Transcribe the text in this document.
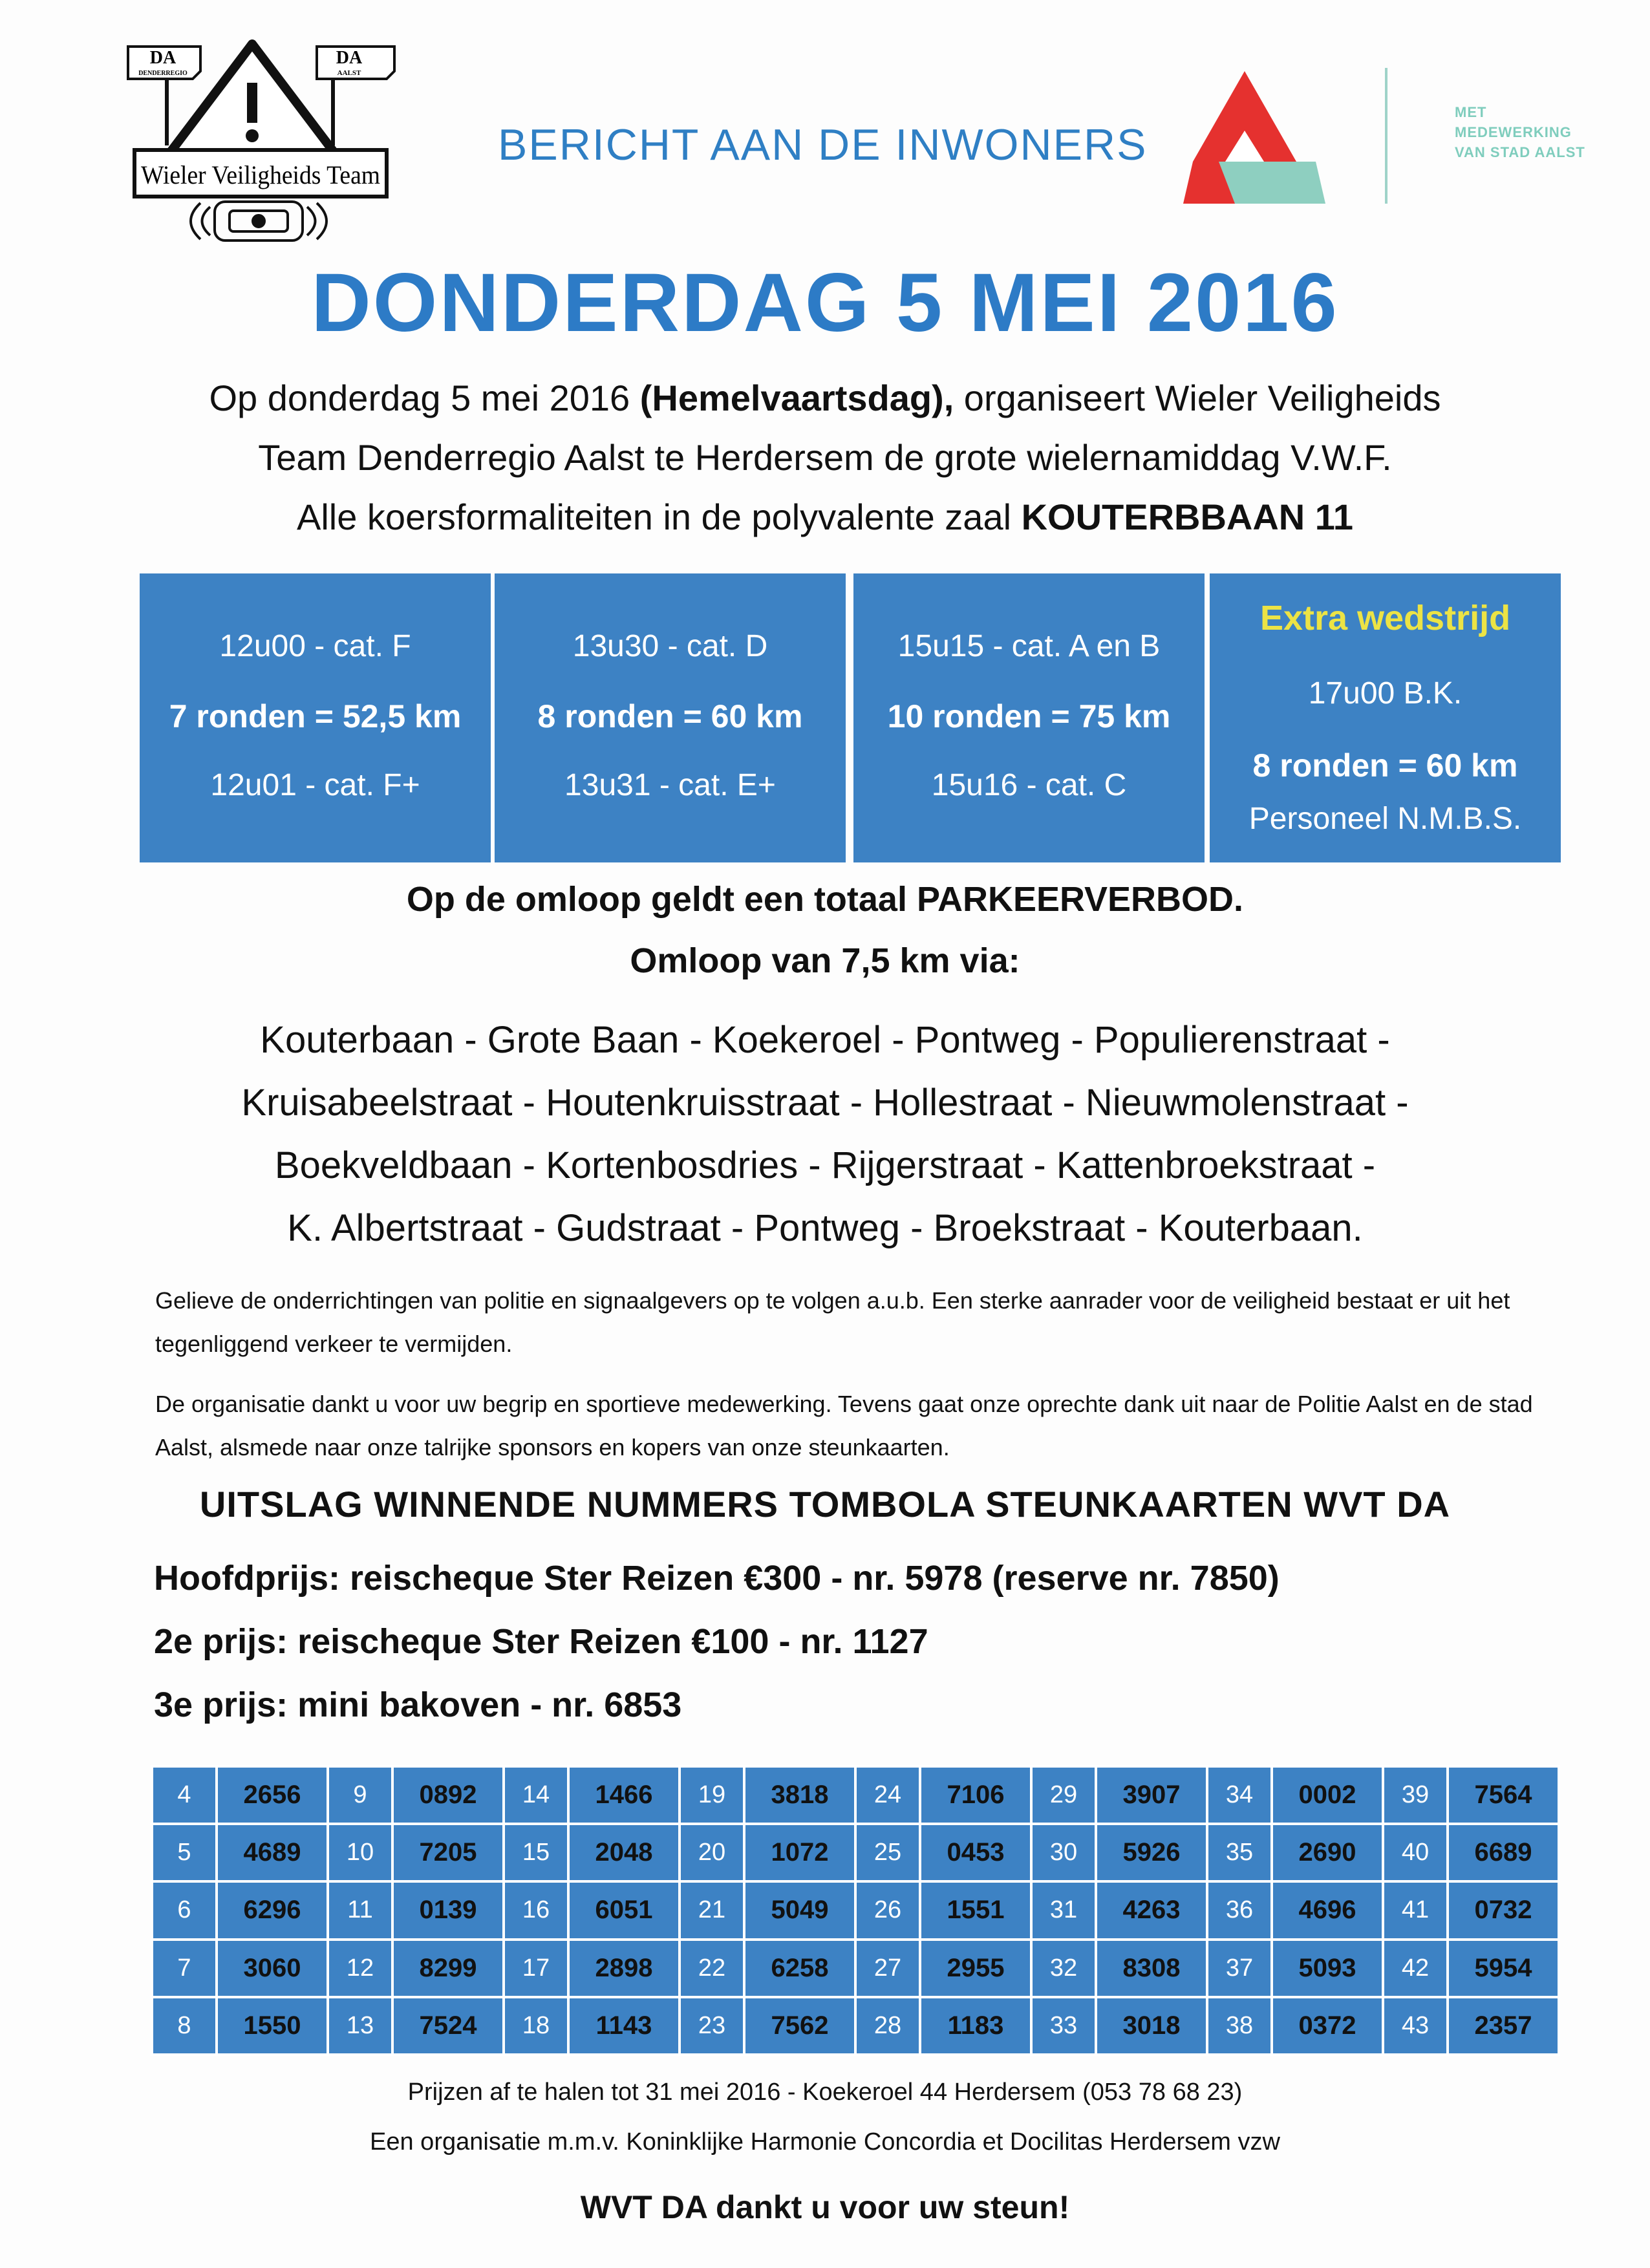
DA
DENDERREGIO
DA
AALST
Wieler Veiligheids Team
BERICHT AAN DE INWONERS
MET
MEDEWERKING
VAN STAD AALST
DONDERDAG 5 MEI 2016
Op donderdag 5 mei 2016 (Hemelvaartsdag), organiseert Wieler Veiligheids
Team Denderregio Aalst te Herdersem de grote wielernamiddag V.W.F.
Alle koersformaliteiten in de polyvalente zaal KOUTERBBAAN 11
12u00 - cat. F
7 ronden = 52,5 km
12u01 - cat. F+
13u30 - cat. D
8 ronden = 60 km
13u31 - cat. E+
15u15 - cat. A en B
10 ronden = 75 km
15u16 - cat. C
Extra wedstrijd
17u00 B.K.
8 ronden = 60 km
Personeel N.M.B.S.
Op de omloop geldt een totaal PARKEERVERBOD.
Omloop van 7,5 km via:
Kouterbaan - Grote Baan - Koekeroel - Pontweg - Populierenstraat -
Kruisabeelstraat - Houtenkruisstraat - Hollestraat - Nieuwmolenstraat -
Boekveldbaan - Kortenbosdries - Rijgerstraat - Kattenbroekstraat -
K. Albertstraat - Gudstraat - Pontweg - Broekstraat - Kouterbaan.
Gelieve de onderrichtingen van politie en signaalgevers op te volgen a.u.b. Een sterke aanrader voor de veiligheid bestaat er uit het tegenliggend verkeer te vermijden.
De organisatie dankt u voor uw begrip en sportieve medewerking. Tevens gaat onze oprechte dank uit naar de Politie Aalst en de stad Aalst, alsmede naar onze talrijke sponsors en kopers van onze steunkaarten.
UITSLAG WINNENDE NUMMERS TOMBOLA STEUNKAARTEN WVT DA
Hoofdprijs: reischeque Ster Reizen €300 - nr. 5978 (reserve nr. 7850)
2e prijs: reischeque Ster Reizen €100 - nr. 1127
3e prijs: mini bakoven - nr. 6853
4	2656	9	0892	14	1466	19	3818	24	7106	29	3907	34	0002	39	7564
5	4689	10	7205	15	2048	20	1072	25	0453	30	5926	35	2690	40	6689
6	6296	11	0139	16	6051	21	5049	26	1551	31	4263	36	4696	41	0732
7	3060	12	8299	17	2898	22	6258	27	2955	32	8308	37	5093	42	5954
8	1550	13	7524	18	1143	23	7562	28	1183	33	3018	38	0372	43	2357
Prijzen af te halen tot 31 mei 2016 - Koekeroel 44 Herdersem (053 78 68 23)
Een organisatie m.m.v. Koninklijke Harmonie Concordia et Docilitas Herdersem vzw
WVT DA dankt u voor uw steun!
